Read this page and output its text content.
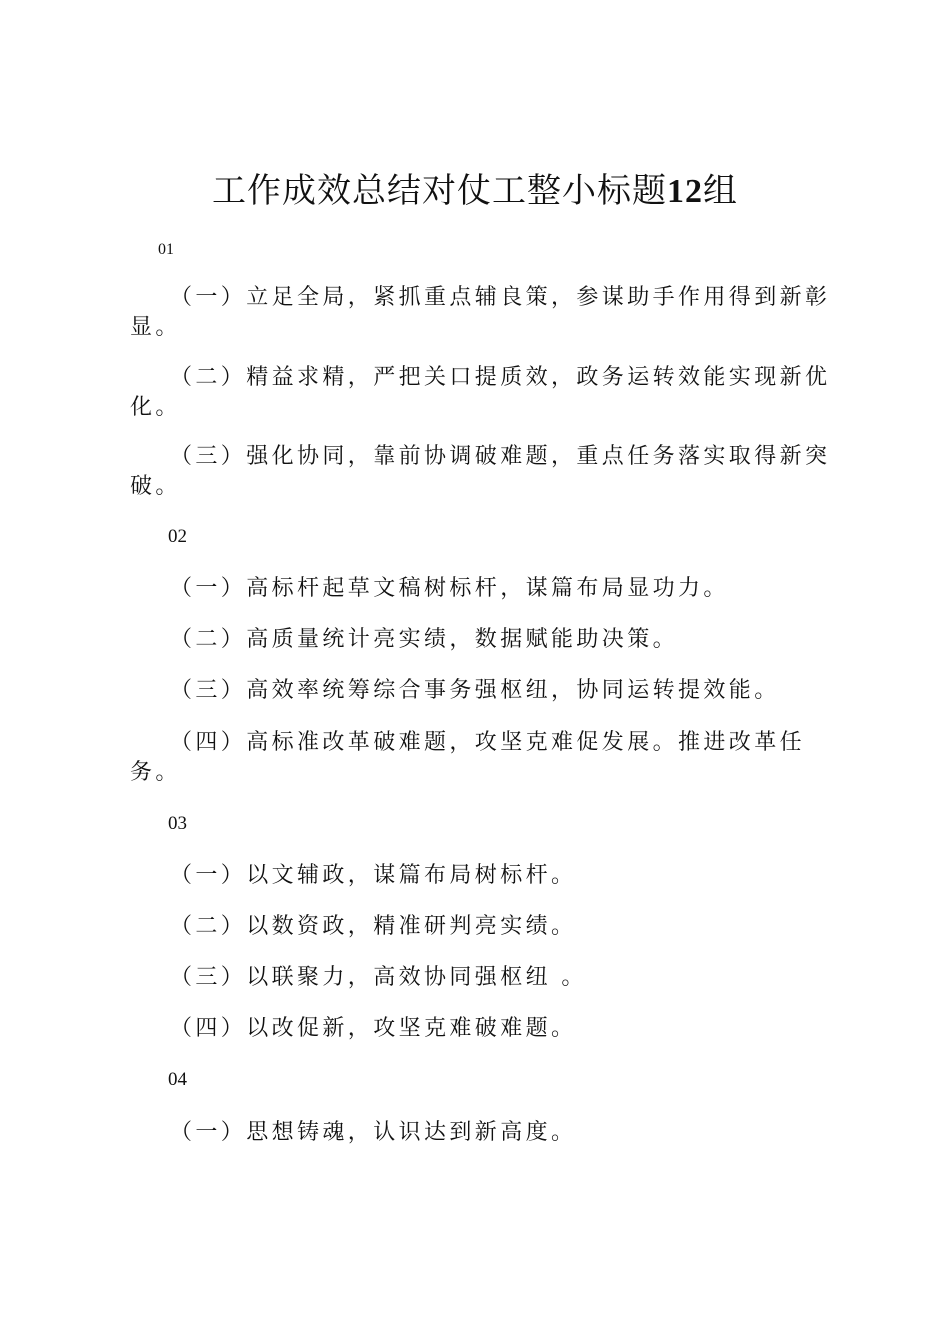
工作成效总结对仗工整小标题12组
01
（一）立足全局，紧抓重点辅良策，参谋助手作用得到新彰
显。
（二）精益求精，严把关口提质效，政务运转效能实现新优
化。
（三）强化协同，靠前协调破难题，重点任务落实取得新突
破。
02
（一）高标杆起草文稿树标杆，谋篇布局显功力。
（二）高质量统计亮实绩，数据赋能助决策。
（三）高效率统筹综合事务强枢纽，协同运转提效能。
（四）高标准改革破难题，攻坚克难促发展。推进改革任
务。
03
（一）以文辅政，谋篇布局树标杆。
（二）以数资政，精准研判亮实绩。
（三）以联聚力，高效协同强枢纽 。
（四）以改促新，攻坚克难破难题。
04
（一）思想铸魂，认识达到新高度。
